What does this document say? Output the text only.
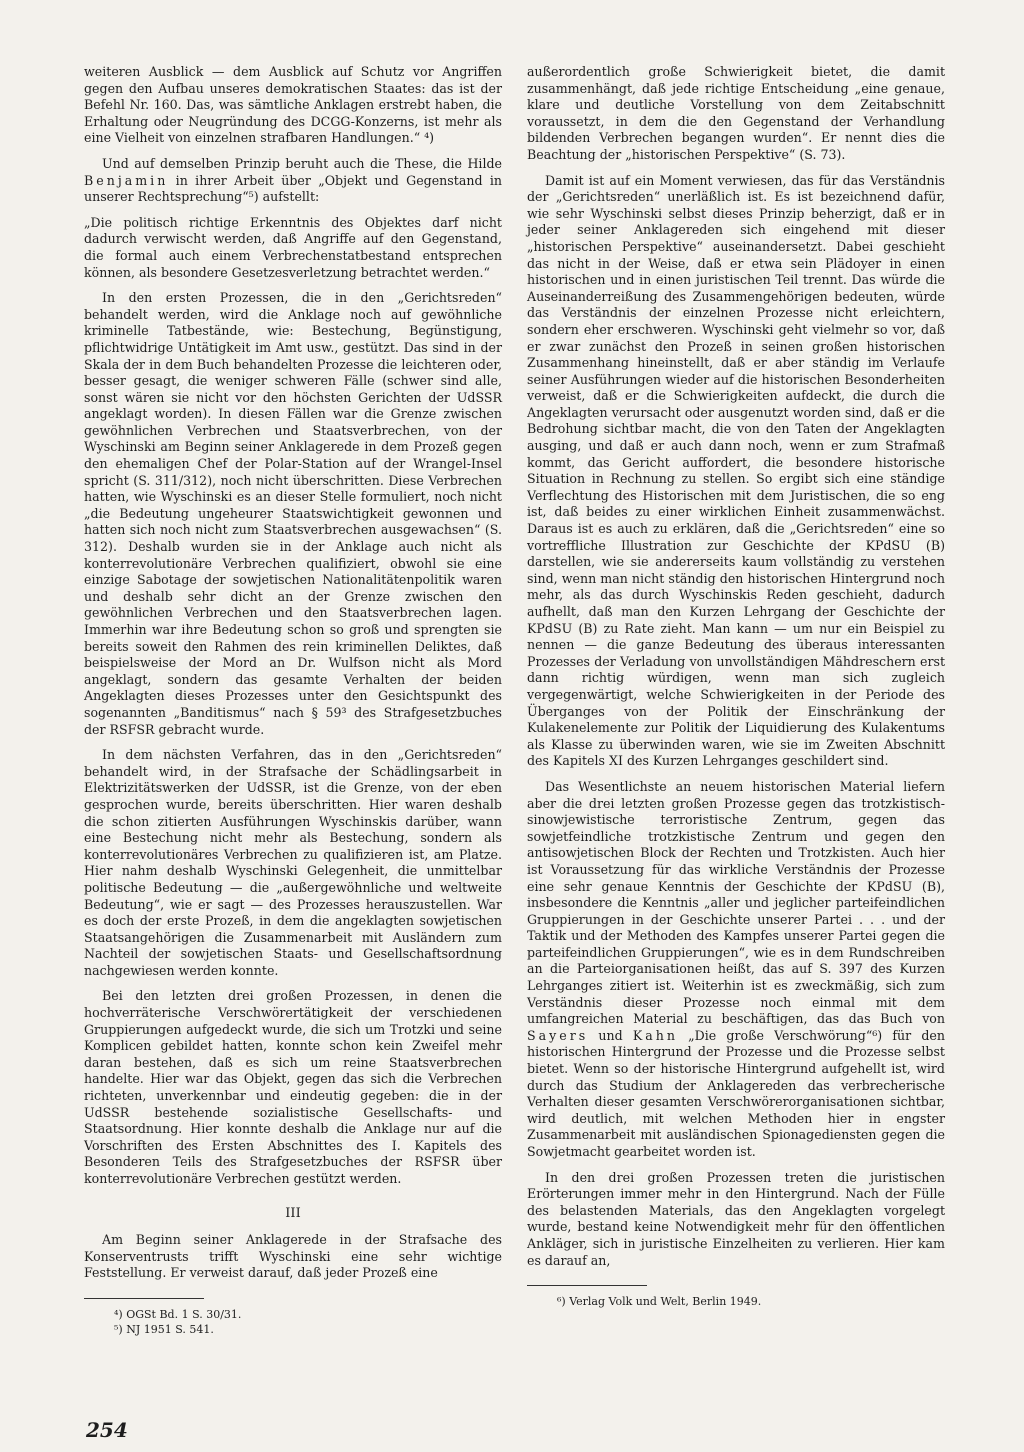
weiteren Ausblick — dem Ausblick auf Schutz vor Angriffen gegen den Aufbau unseres demokratischen Staates: das ist der Befehl Nr. 160. Das, was sämtliche Anklagen erstrebt haben, die Erhaltung oder Neugründung des DCGG-Konzerns, ist mehr als eine Vielheit von einzelnen strafbaren Handlungen.“ ⁴)

Und auf demselben Prinzip beruht auch die These, die Hilde Benjamin in ihrer Arbeit über „Objekt und Gegenstand in unserer Rechtsprechung“⁵) aufstellt:

„Die politisch richtige Erkenntnis des Objektes darf nicht dadurch verwischt werden, daß Angriffe auf den Gegenstand, die formal auch einem Verbrechenstatbestand entsprechen können, als besondere Gesetzesverletzung betrachtet werden.“

In den ersten Prozessen, die in den „Gerichtsreden“ behandelt werden, wird die Anklage noch auf gewöhnliche kriminelle Tatbestände, wie: Bestechung, Begünstigung, pflichtwidrige Untätigkeit im Amt usw., gestützt. Das sind in der Skala der in dem Buch behandelten Prozesse die leichteren oder, besser gesagt, die weniger schweren Fälle (schwer sind alle, sonst wären sie nicht vor den höchsten Gerichten der UdSSR angeklagt worden). In diesen Fällen war die Grenze zwischen gewöhnlichen Verbrechen und Staatsverbrechen, von der Wyschinski am Beginn seiner Anklagerede in dem Prozeß gegen den ehemaligen Chef der Polar-Station auf der Wrangel-Insel spricht (S. 311/312), noch nicht überschritten. Diese Verbrechen hatten, wie Wyschinski es an dieser Stelle formuliert, noch nicht „die Bedeutung ungeheurer Staatswichtigkeit gewonnen und hatten sich noch nicht zum Staatsverbrechen ausgewachsen“ (S. 312). Deshalb wurden sie in der Anklage auch nicht als konterrevolutionäre Verbrechen qualifiziert, obwohl sie eine einzige Sabotage der sowjetischen Nationalitätenpolitik waren und deshalb sehr dicht an der Grenze zwischen den gewöhnlichen Verbrechen und den Staatsverbrechen lagen. Immerhin war ihre Bedeutung schon so groß und sprengten sie bereits soweit den Rahmen des rein kriminellen Deliktes, daß beispielsweise der Mord an Dr. Wulfson nicht als Mord angeklagt, sondern das gesamte Verhalten der beiden Angeklagten dieses Prozesses unter den Gesichtspunkt des sogenannten „Banditismus“ nach § 59³ des Strafgesetzbuches der RSFSR gebracht wurde.

In dem nächsten Verfahren, das in den „Gerichtsreden“ behandelt wird, in der Strafsache der Schädlingsarbeit in Elektrizitätswerken der UdSSR, ist die Grenze, von der eben gesprochen wurde, bereits überschritten. Hier waren deshalb die schon zitierten Ausführungen Wyschinskis darüber, wann eine Bestechung nicht mehr als Bestechung, sondern als konterrevolutionäres Verbrechen zu qualifizieren ist, am Platze. Hier nahm deshalb Wyschinski Gelegenheit, die unmittelbar politische Bedeutung — die „außergewöhnliche und weltweite Bedeutung“, wie er sagt — des Prozesses herauszustellen. War es doch der erste Prozeß, in dem die angeklagten sowjetischen Staatsangehörigen die Zusammenarbeit mit Ausländern zum Nachteil der sowjetischen Staats- und Gesellschaftsordnung nachgewiesen werden konnte.

Bei den letzten drei großen Prozessen, in denen die hochverräterische Verschwörertätigkeit der verschiedenen Gruppierungen aufgedeckt wurde, die sich um Trotzki und seine Komplicen gebildet hatten, konnte schon kein Zweifel mehr daran bestehen, daß es sich um reine Staatsverbrechen handelte. Hier war das Objekt, gegen das sich die Verbrechen richteten, unverkennbar und eindeutig gegeben: die in der UdSSR bestehende sozialistische Gesellschafts- und Staatsordnung. Hier konnte deshalb die Anklage nur auf die Vorschriften des Ersten Abschnittes des I. Kapitels des Besonderen Teils des Strafgesetzbuches der RSFSR über konterrevolutionäre Verbrechen gestützt werden.

III

Am Beginn seiner Anklagerede in der Strafsache des Konserventrusts trifft Wyschinski eine sehr wichtige Feststellung. Er verweist darauf, daß jeder Prozeß eine

⁴) OGSt Bd. 1 S. 30/31.

⁵) NJ 1951 S. 541.

außerordentlich große Schwierigkeit bietet, die damit zusammenhängt, daß jede richtige Entscheidung „eine genaue, klare und deutliche Vorstellung von dem Zeitabschnitt voraussetzt, in dem die den Gegenstand der Verhandlung bildenden Verbrechen begangen wurden“. Er nennt dies die Beachtung der „historischen Perspektive“ (S. 73).

Damit ist auf ein Moment verwiesen, das für das Verständnis der „Gerichtsreden“ unerläßlich ist. Es ist bezeichnend dafür, wie sehr Wyschinski selbst dieses Prinzip beherzigt, daß er in jeder seiner Anklagereden sich eingehend mit dieser „historischen Perspektive“ auseinandersetzt. Dabei geschieht das nicht in der Weise, daß er etwa sein Plädoyer in einen historischen und in einen juristischen Teil trennt. Das würde die Auseinanderreißung des Zusammengehörigen bedeuten, würde das Verständnis der einzelnen Prozesse nicht erleichtern, sondern eher erschweren. Wyschinski geht vielmehr so vor, daß er zwar zunächst den Prozeß in seinen großen historischen Zusammenhang hineinstellt, daß er aber ständig im Verlaufe seiner Ausführungen wieder auf die historischen Besonderheiten verweist, daß er die Schwierigkeiten aufdeckt, die durch die Angeklagten verursacht oder ausgenutzt worden sind, daß er die Bedrohung sichtbar macht, die von den Taten der Angeklagten ausging, und daß er auch dann noch, wenn er zum Strafmaß kommt, das Gericht auffordert, die besondere historische Situation in Rechnung zu stellen. So ergibt sich eine ständige Verflechtung des Historischen mit dem Juristischen, die so eng ist, daß beides zu einer wirklichen Einheit zusammenwächst. Daraus ist es auch zu erklären, daß die „Gerichtsreden“ eine so vortreffliche Illustration zur Geschichte der KPdSU (B) darstellen, wie sie andererseits kaum vollständig zu verstehen sind, wenn man nicht ständig den historischen Hintergrund noch mehr, als das durch Wyschinskis Reden geschieht, dadurch aufhellt, daß man den Kurzen Lehrgang der Geschichte der KPdSU (B) zu Rate zieht. Man kann — um nur ein Beispiel zu nennen — die ganze Bedeutung des überaus interessanten Prozesses der Verladung von unvollständigen Mähdreschern erst dann richtig würdigen, wenn man sich zugleich vergegenwärtigt, welche Schwierigkeiten in der Periode des Überganges von der Politik der Einschränkung der Kulakenelemente zur Politik der Liquidierung des Kulakentums als Klasse zu überwinden waren, wie sie im Zweiten Abschnitt des Kapitels XI des Kurzen Lehrganges geschildert sind.

Das Wesentlichste an neuem historischen Material liefern aber die drei letzten großen Prozesse gegen das trotzkistisch-sinowjewistische terroristische Zentrum, gegen das sowjetfeindliche trotzkistische Zentrum und gegen den antisowjetischen Block der Rechten und Trotzkisten. Auch hier ist Voraussetzung für das wirkliche Verständnis der Prozesse eine sehr genaue Kenntnis der Geschichte der KPdSU (B), insbesondere die Kenntnis „aller und jeglicher parteifeindlichen Gruppierungen in der Geschichte unserer Partei . . . und der Taktik und der Methoden des Kampfes unserer Partei gegen die parteifeindlichen Gruppierungen“, wie es in dem Rundschreiben an die Parteiorganisationen heißt, das auf S. 397 des Kurzen Lehrganges zitiert ist. Weiterhin ist es zweckmäßig, sich zum Verständnis dieser Prozesse noch einmal mit dem umfangreichen Material zu beschäftigen, das das Buch von Sayers und Kahn „Die große Verschwörung“⁶) für den historischen Hintergrund der Prozesse und die Prozesse selbst bietet. Wenn so der historische Hintergrund aufgehellt ist, wird durch das Studium der Anklagereden das verbrecherische Verhalten dieser gesamten Verschwörerorganisationen sichtbar, wird deutlich, mit welchen Methoden hier in engster Zusammenarbeit mit ausländischen Spionagediensten gegen die Sowjetmacht gearbeitet worden ist.

In den drei großen Prozessen treten die juristischen Erörterungen immer mehr in den Hintergrund. Nach der Fülle des belastenden Materials, das den Angeklagten vorgelegt wurde, bestand keine Notwendigkeit mehr für den öffentlichen Ankläger, sich in juristische Einzelheiten zu verlieren. Hier kam es darauf an,

⁶) Verlag Volk und Welt, Berlin 1949.

254
